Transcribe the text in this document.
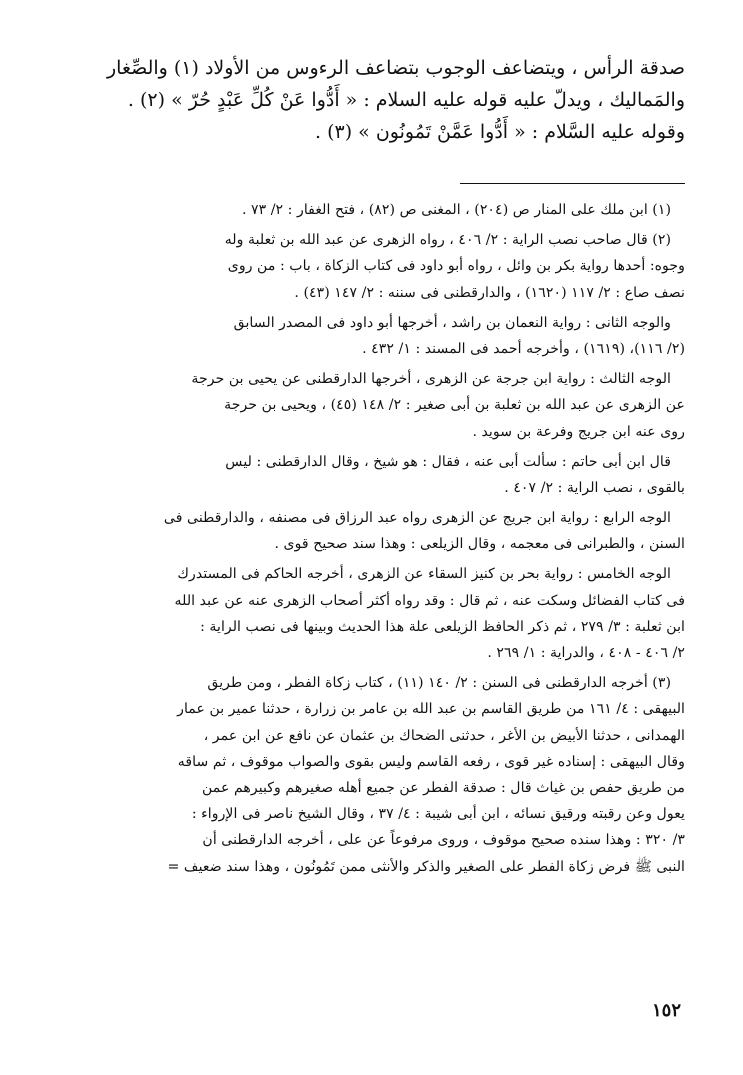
صدقة الرأس ، ويتضاعف الوجوب بتضاعف الرءوس من الأولاد (١) والصِّغار
والمَماليك ، ويدلّ عليه قوله عليه السلام : « أَدُّوا عَنْ كُلِّ عَبْدٍ حُرّ » (٢) .
وقوله عليه السَّلام : « أَدُّوا عَمَّنْ تَمُونُون » (٣) .
(١) ابن ملك على المنار ص (٢٠٤) ، المغنى ص (٨٢) ، فتح الغفار : ٢/ ٧٣ .
(٢) قال صاحب نصب الراية : ٢/ ٤٠٦ ، رواه الزهرى عن عبد الله بن ثعلبة وله
وجوه: أحدها رواية بكر بن وائل ، رواه أبو داود فى كتاب الزكاة ، باب : من روى
نصف صاع : ٢/ ١١٧ (١٦٢٠) ، والدارقطنى فى سننه : ٢/ ١٤٧ (٤٣) .
والوجه الثانى : رواية النعمان بن راشد ، أخرجها أبو داود فى المصدر السابق
(٢/ ١١٦)، (١٦١٩) ، وأخرجه أحمد فى المسند : ١/ ٤٣٢ .
الوجه الثالث : رواية ابن جرجة عن الزهرى ، أخرجها الدارقطنى عن يحيى بن حرجة
عن الزهرى عن عبد الله بن ثعلبة بن أبى صغير : ٢/ ١٤٨ (٤٥) ، ويحيى بن حرجة
روى عنه ابن جريج وفرعة بن سويد .
قال ابن أبى حاتم : سألت أبى عنه ، فقال : هو شيخ ، وقال الدارقطنى : ليس
بالقوى ، نصب الراية : ٢/ ٤٠٧ .
الوجه الرابع : رواية ابن جريج عن الزهرى رواه عبد الرزاق فى مصنفه ، والدارقطنى فى
السنن ، والطبرانى فى معجمه ، وقال الزيلعى : وهذا سند صحيح قوى .
الوجه الخامس : رواية بحر بن كنيز السقاء عن الزهرى ، أخرجه الحاكم فى المستدرك
فى كتاب الفضائل وسكت عنه ، ثم قال : وقد رواه أكثر أصحاب الزهرى عنه عن عبد الله
ابن ثعلبة : ٣/ ٢٧٩ ، ثم ذكر الحافظ الزيلعى علة هذا الحديث وبينها فى نصب الراية :
٢/ ٤٠٦ - ٤٠٨ ، والدراية : ١/ ٢٦٩ .
(٣) أخرجه الدارقطنى فى السنن : ٢/ ١٤٠ (١١) ، كتاب زكاة الفطر ، ومن طريق
البيهقى : ٤/ ١٦١ من طريق القاسم بن عبد الله بن عامر بن زرارة ، حدثنا عمير بن عمار
الهمدانى ، حدثنا الأبيض بن الأغر ، حدثنى الضحاك بن عثمان عن نافع عن ابن عمر ،
وقال البيهقى : إسناده غير قوى ، رفعه القاسم وليس بقوى والصواب موقوف ، ثم ساقه
من طريق حفص بن غياث قال : صدقة الفطر عن جميع أهله صغيرهم وكبيرهم عمن
يعول وعن رقبته ورقيق نسائه ، ابن أبى شيبة : ٤/ ٣٧ ، وقال الشيخ ناصر فى الإرواء :
٣/ ٣٢٠ : وهذا سنده صحيح موقوف ، وروى مرفوعاً عن على ، أخرجه الدارقطنى أن
النبى ﷺ فرض زكاة الفطر على الصغير والذكر والأنثى ممن تَمُونُون ، وهذا سند ضعيف =
١٥٢
